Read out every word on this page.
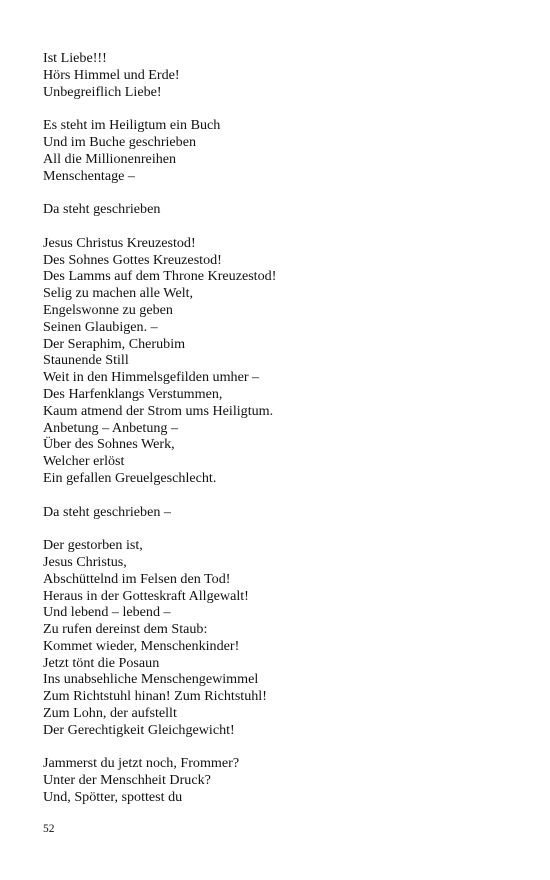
Ist Liebe!!!
Hörs Himmel und Erde!
Unbegreiflich Liebe!
Es steht im Heiligtum ein Buch
Und im Buche geschrieben
All die Millionenreihen
Menschentage –
Da steht geschrieben
Jesus Christus Kreuzestod!
Des Sohnes Gottes Kreuzestod!
Des Lamms auf dem Throne Kreuzestod!
Selig zu machen alle Welt,
Engelswonne zu geben
Seinen Glaubigen. –
Der Seraphim, Cherubim
Staunende Still
Weit in den Himmelsgefilden umher –
Des Harfenklangs Verstummen,
Kaum atmend der Strom ums Heiligtum.
Anbetung – Anbetung –
Über des Sohnes Werk,
Welcher erlöst
Ein gefallen Greuelgeschlecht.
Da steht geschrieben –
Der gestorben ist,
Jesus Christus,
Abschüttelnd im Felsen den Tod!
Heraus in der Gotteskraft Allgewalt!
Und lebend – lebend –
Zu rufen dereinst dem Staub:
Kommet wieder, Menschenkinder!
Jetzt tönt die Posaun
Ins unabsehliche Menschengewimmel
Zum Richtstuhl hinan! Zum Richtstuhl!
Zum Lohn, der aufstellt
Der Gerechtigkeit Gleichgewicht!
Jammerst du jetzt noch, Frommer?
Unter der Menschheit Druck?
Und, Spötter, spottest du
52
